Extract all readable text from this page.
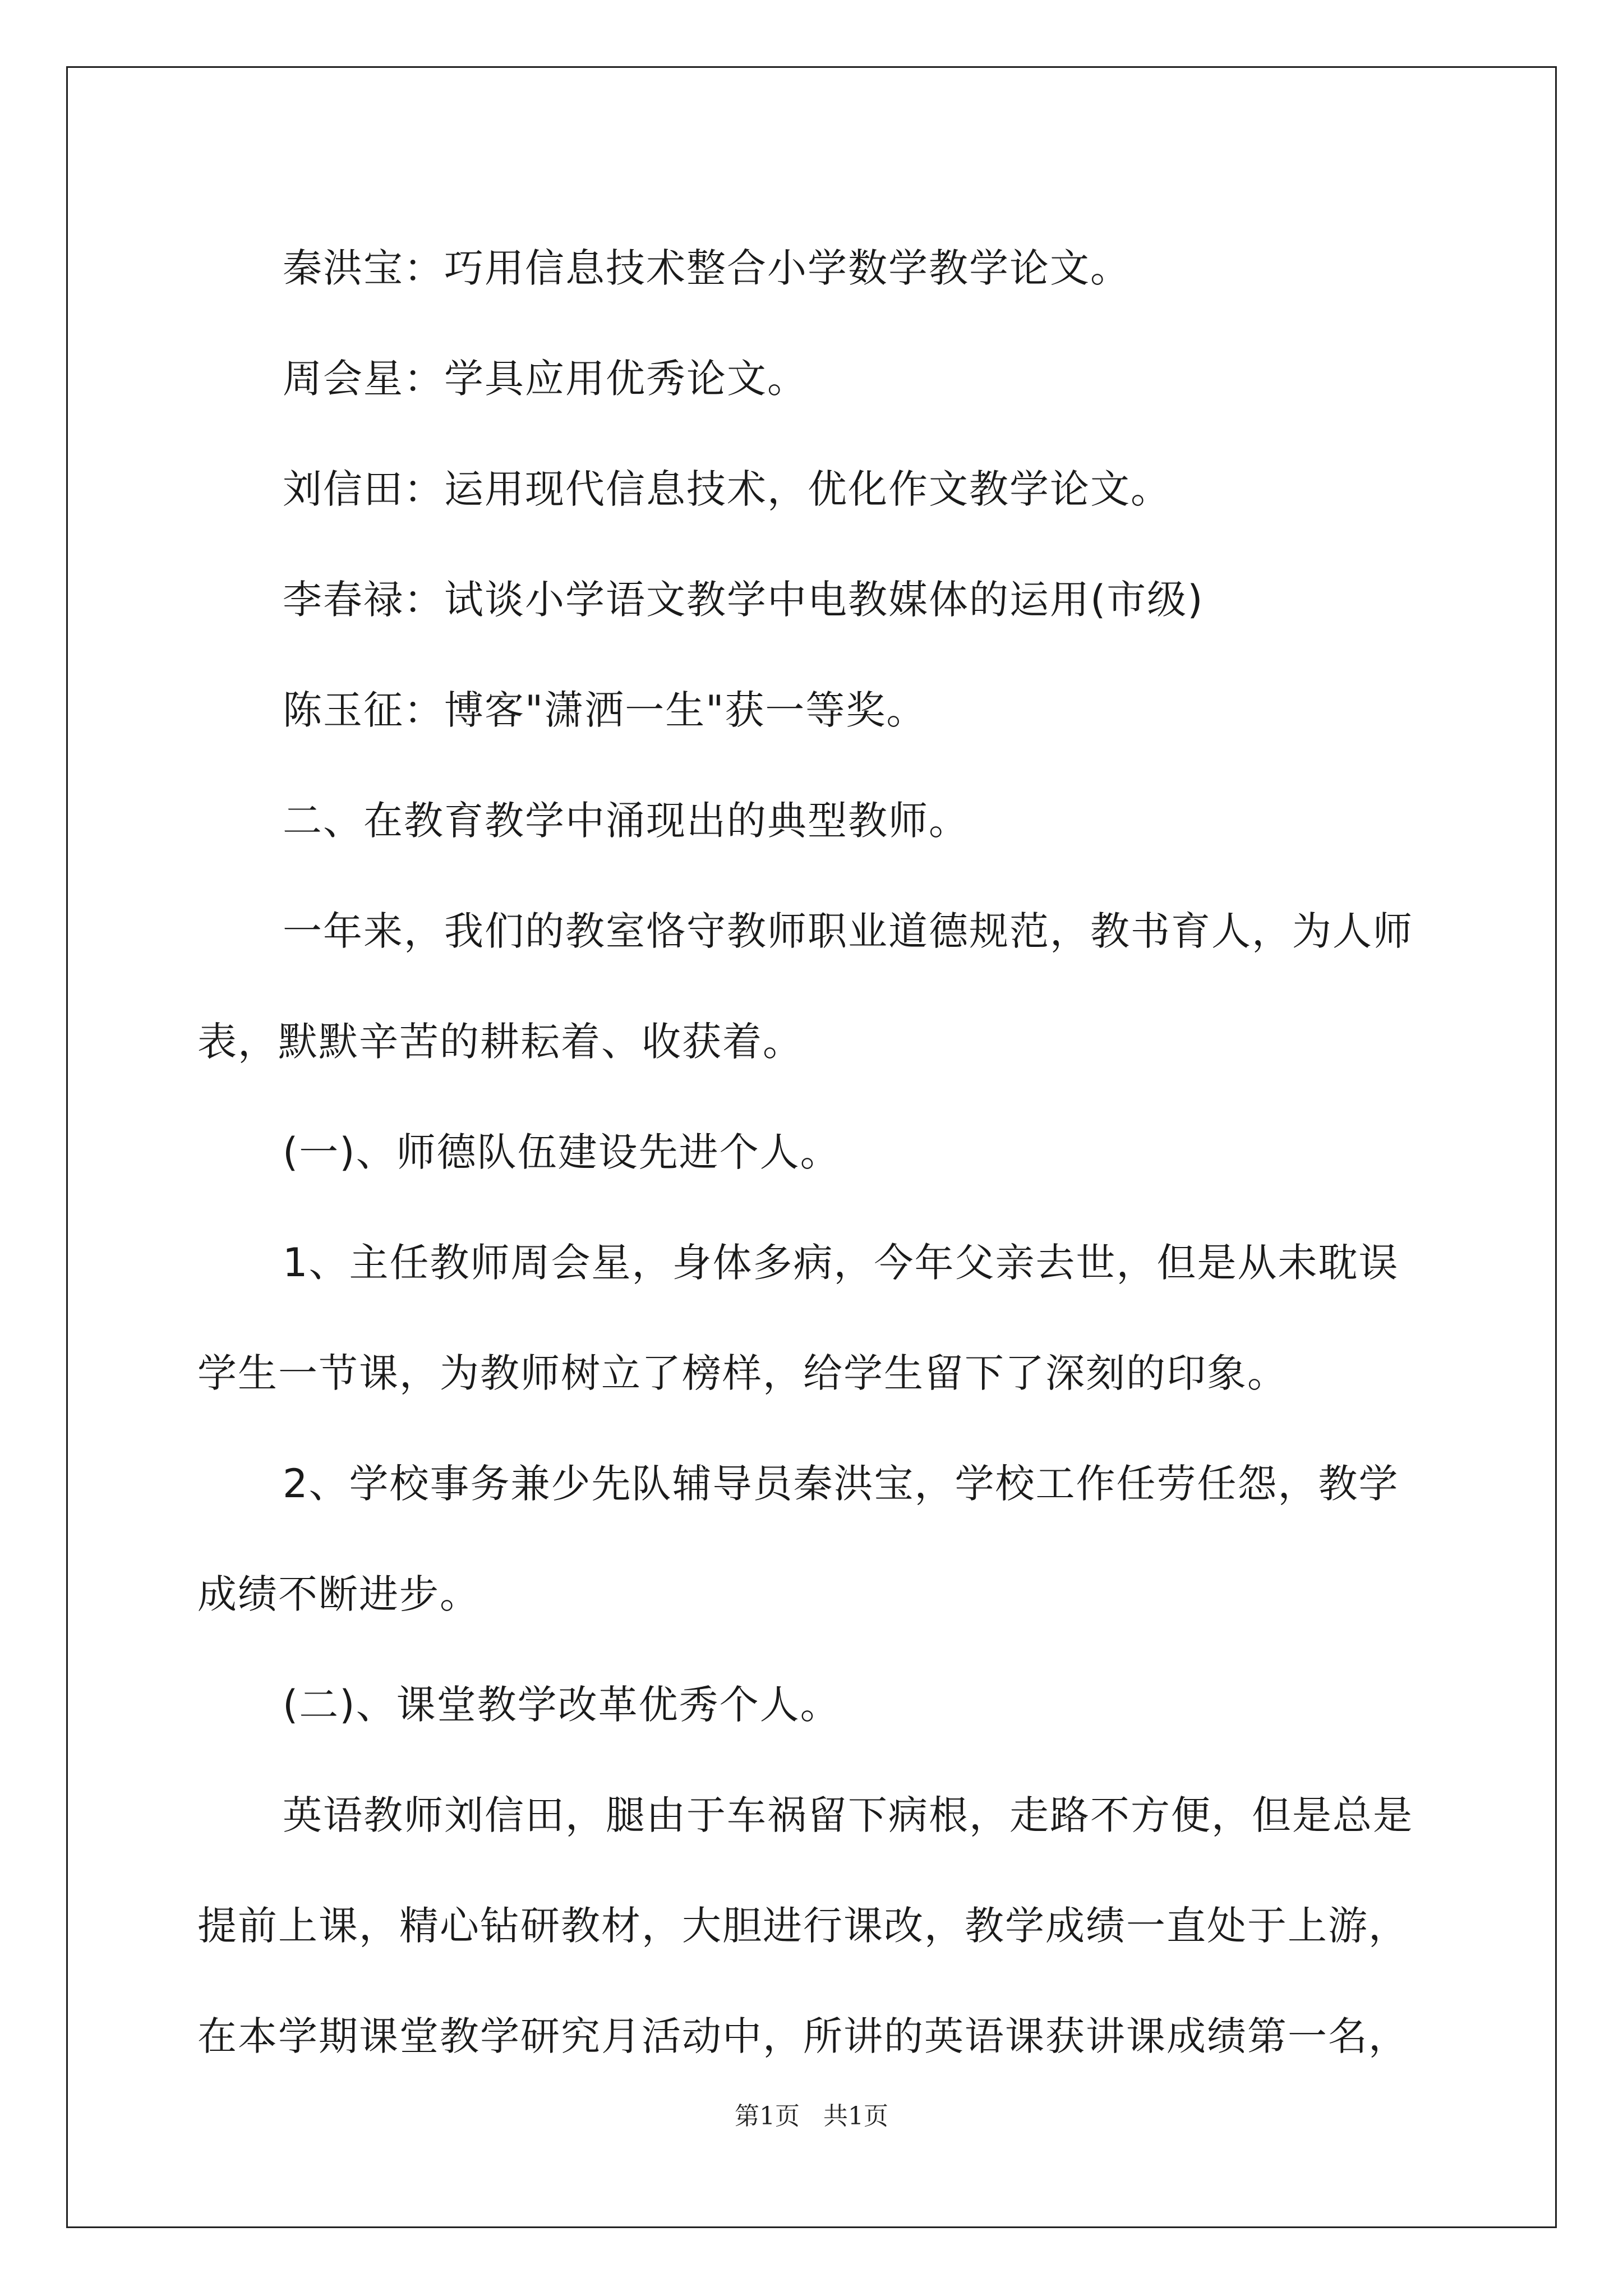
秦洪宝：巧用信息技术整合小学数学教学论文。

周会星：学具应用优秀论文。

刘信田：运用现代信息技术，优化作文教学论文。

李春禄：试谈小学语文教学中电教媒体的运用(市级)

陈玉征：博客"潇洒一生"获一等奖。

二、在教育教学中涌现出的典型教师。

一年来，我们的教室恪守教师职业道德规范，教书育人，为人师表，默默辛苦的耕耘着、收获着。

(一)、师德队伍建设先进个人。

1、主任教师周会星，身体多病，今年父亲去世，但是从未耽误学生一节课，为教师树立了榜样，给学生留下了深刻的印象。

2、学校事务兼少先队辅导员秦洪宝，学校工作任劳任怨，教学成绩不断进步。

(二)、课堂教学改革优秀个人。

英语教师刘信田，腿由于车祸留下病根，走路不方便，但是总是提前上课，精心钻研教材，大胆进行课改，教学成绩一直处于上游，在本学期课堂教学研究月活动中，所讲的英语课获讲课成绩第一名，

第1页   共1页
